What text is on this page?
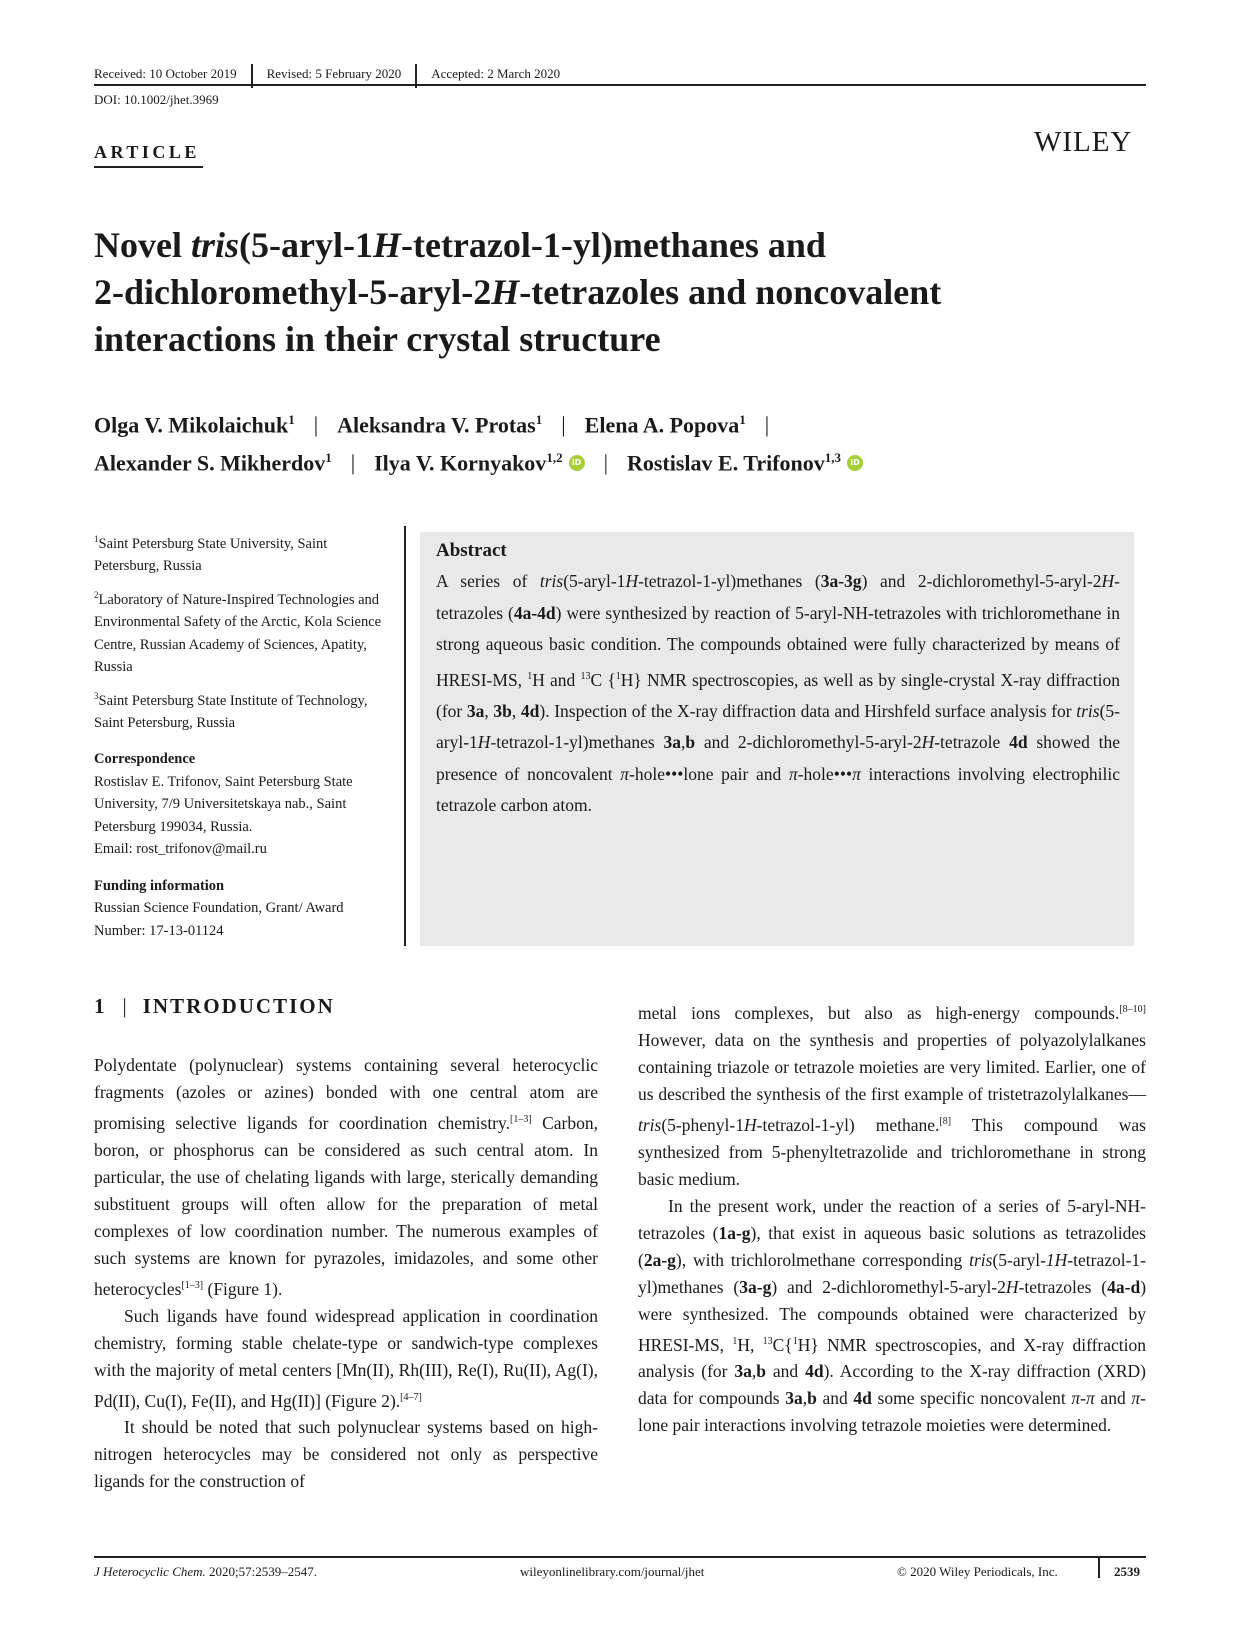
Received: 10 October 2019 Revised: 5 February 2020 Accepted: 2 March 2020
DOI: 10.1002/jhet.3969
ARTICLE	WILEY
Novel tris(5-aryl-1H-tetrazol-1-yl)methanes and
2-dichloromethyl-5-aryl-2H-tetrazoles and noncovalent
interactions in their crystal structure
Olga V. Mikolaichuk$^1$ | Aleksandra V. Protas$^1$ | Elena A. Popova$^1$ |
Alexander S. Mikherdov$^1$ | Ilya V. Kornyakov$^{1,2}$	iD | Rostislav E. Trifonov$^{1,3}$	iD

$^1$Saint Petersburg State University, Saint Petersburg, Russia

$^2$Laboratory of Nature-Inspired Technologies and Environmental Safety of the Arctic, Kola Science Centre, Russian Academy of Sciences, Apatity, Russia

$^3$Saint Petersburg State Institute of Technology, Saint Petersburg, Russia

Correspondence

Rostislav E. Trifonov, Saint Petersburg State University, 7/9 Universitetskaya nab., Saint Petersburg 199034, Russia.

Email: rost_trifonov@mail.ru

Funding information

Russian Science Foundation, Grant/ Award Number: 17-13-01124

Abstract

A series of tris(5-aryl-1H-tetrazol-1-yl)methanes (3a-3g) and 2-dichloromethyl-5-aryl-2H-tetrazoles (4a-4d) were synthesized by reaction of 5-aryl-NH-tetrazoles with trichloromethane in strong aqueous basic condition. The compounds obtained were fully characterized by means of HRESI-MS, $^1$H and $^{13}$C {$^1$H} NMR spectroscopies, as well as by single-crystal X-ray diffraction (for 3a, 3b, 4d). Inspection of the X-ray diffraction data and Hirshfeld surface analysis for tris(5-aryl-1H-tetrazol-1-yl)methanes 3a,b and 2-dichloromethyl-5-aryl-2H-tetrazole 4d showed the presence of noncovalent π-hole•••lone pair and π-hole•••π interactions involving electrophilic tetrazole carbon atom.

1 | INTRODUCTION

Polydentate (polynuclear) systems containing several heterocyclic fragments (azoles or azines) bonded with one central atom are promising selective ligands for coordination chemistry.[1–3] Carbon, boron, or phosphorus can be considered as such central atom. In particular, the use of chelating ligands with large, sterically demanding substituent groups will often allow for the preparation of metal complexes of low coordination number. The numerous examples of such systems are known for pyrazoles, imidazoles, and some other heterocycles[1–3] (Figure 1).

Such ligands have found widespread application in coordination chemistry, forming stable chelate-type or sandwich-type complexes with the majority of metal centers [Mn(II), Rh(III), Re(I), Ru(II), Ag(I), Pd(II), Cu(I), Fe(II), and Hg(II)] (Figure 2).[4–7]

It should be noted that such polynuclear systems based on high-nitrogen heterocycles may be considered not only as perspective ligands for the construction of

metal ions complexes, but also as high-energy compounds.[8–10] However, data on the synthesis and properties of polyazolylalkanes containing triazole or tetrazole moieties are very limited. Earlier, one of us described the synthesis of the first example of tristetrazolylalkanes—tris(5-phenyl-1H-tetrazol-1-yl) methane.[8] This compound was synthesized from 5-phenyltetrazolide and trichloromethane in strong basic medium.

In the present work, under the reaction of a series of 5-aryl-NH-tetrazoles (1a-g), that exist in aqueous basic solutions as tetrazolides (2a-g), with trichlorolmethane corresponding tris(5-aryl-1H-tetrazol-1-yl)methanes (3a-g) and 2-dichloromethyl-5-aryl-2H-tetrazoles (4a-d) were synthesized. The compounds obtained were characterized by HRESI-MS, $^1$H, $^{13}$C{$^1$H} NMR spectroscopies, and X-ray diffraction analysis (for 3a,b and 4d). According to the X-ray diffraction (XRD) data for compounds 3a,b and 4d some specific noncovalent π-π and π-lone pair interactions involving tetrazole moieties were determined.

J Heterocyclic Chem. 2020;57:2539–2547.	wileyonlinelibrary.com/journal/jhet	© 2020 Wiley Periodicals, Inc.	2539
